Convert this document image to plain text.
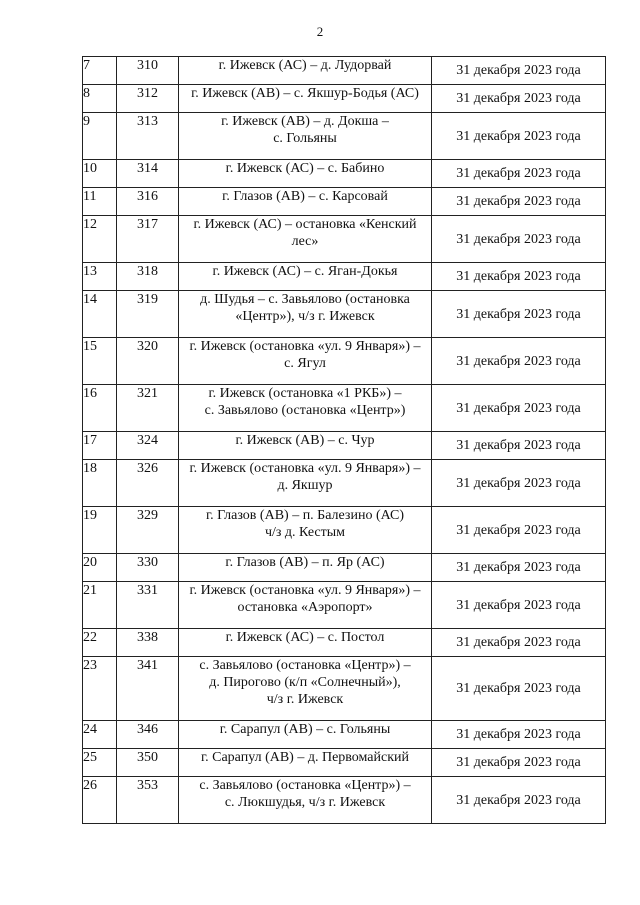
2
7	310	г. Ижевск (АС) – д. Лудорвай	31 декабря 2023 года
8	312	г. Ижевск (АВ) – с. Якшур-Бодья (АС)	31 декабря 2023 года
9	313	г. Ижевск (АВ) – д. Докша –
с. Гольяны	31 декабря 2023 года
10	314	г. Ижевск (АС) – с. Бабино	31 декабря 2023 года
11	316	г. Глазов (АВ) – с. Карсовай	31 декабря 2023 года
12	317	г. Ижевск (АС) – остановка «Кенский
лес»	31 декабря 2023 года
13	318	г. Ижевск (АС) – с. Яган-Докья	31 декабря 2023 года
14	319	д. Шудья – с. Завьялово (остановка
«Центр»), ч/з г. Ижевск	31 декабря 2023 года
15	320	г. Ижевск (остановка «ул. 9 Января») –
с. Ягул	31 декабря 2023 года
16	321	г. Ижевск (остановка «1 РКБ») –
с. Завьялово (остановка «Центр»)	31 декабря 2023 года
17	324	г. Ижевск (АВ) – с. Чур	31 декабря 2023 года
18	326	г. Ижевск (остановка «ул. 9 Января») –
д. Якшур	31 декабря 2023 года
19	329	г. Глазов (АВ) – п. Балезино (АС)
ч/з д. Кестым	31 декабря 2023 года
20	330	г. Глазов (АВ) – п. Яр (АС)	31 декабря 2023 года
21	331	г. Ижевск (остановка «ул. 9 Января») –
остановка «Аэропорт»	31 декабря 2023 года
22	338	г. Ижевск (АС) – с. Постол	31 декабря 2023 года
23	341	с. Завьялово (остановка «Центр») –
д. Пирогово (к/п «Солнечный»),
ч/з г. Ижевск	31 декабря 2023 года
24	346	г. Сарапул (АВ) – с. Гольяны	31 декабря 2023 года
25	350	г. Сарапул (АВ) – д. Первомайский	31 декабря 2023 года
26	353	с. Завьялово (остановка «Центр») –
с. Люкшудья, ч/з г. Ижевск	31 декабря 2023 года
